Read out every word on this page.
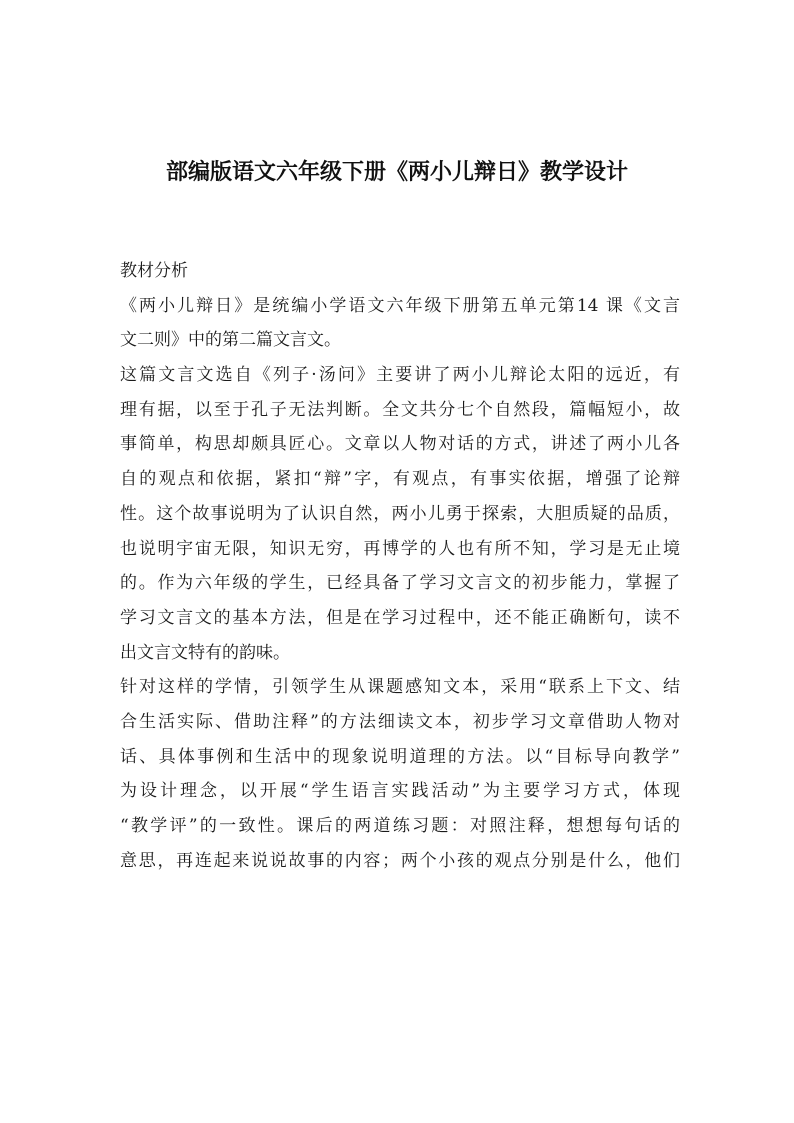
部编版语文六年级下册《两小儿辩日》教学设计
教材分析
《两小儿辩日》是统编小学语文六年级下册第五单元第14 课《文言
文二则》中的第二篇文言文。
这篇文言文选自《列子·汤问》主要讲了两小儿辩论太阳的远近，有
理有据，以至于孔子无法判断。全文共分七个自然段，篇幅短小，故
事简单，构思却颇具匠心。文章以人物对话的方式，讲述了两小儿各
自的观点和依据，紧扣“辩”字，有观点，有事实依据，增强了论辩
性。这个故事说明为了认识自然，两小儿勇于探索，大胆质疑的品质，
也说明宇宙无限，知识无穷，再博学的人也有所不知，学习是无止境
的。作为六年级的学生，已经具备了学习文言文的初步能力，掌握了
学习文言文的基本方法，但是在学习过程中，还不能正确断句，读不
出文言文特有的韵味。
针对这样的学情，引领学生从课题感知文本，采用“联系上下文、结
合生活实际、借助注释”的方法细读文本，初步学习文章借助人物对
话、具体事例和生活中的现象说明道理的方法。以“目标导向教学”
为设计理念，以开展“学生语言实践活动”为主要学习方式，体现
“教学评”的一致性。课后的两道练习题：对照注释，想想每句话的
意思，再连起来说说故事的内容；两个小孩的观点分别是什么，他们
